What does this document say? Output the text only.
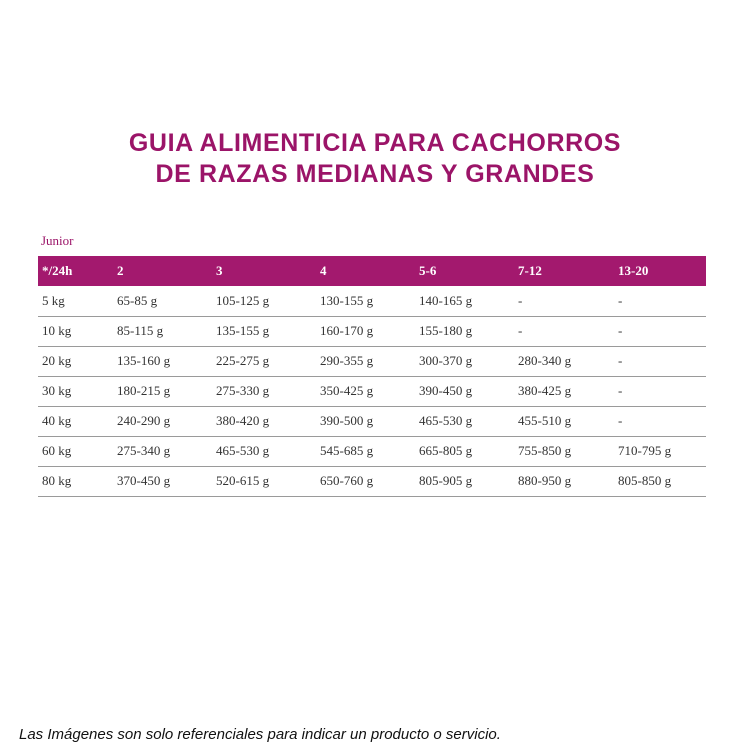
GUIA ALIMENTICIA PARA CACHORROS
DE RAZAS MEDIANAS Y GRANDES
Junior
*/24h	2	3	4	5-6	7-12	13-20
5 kg	65-85 g	105-125 g	130-155 g	140-165 g	-	-
10 kg	85-115 g	135-155 g	160-170 g	155-180 g	-	-
20 kg	135-160 g	225-275 g	290-355 g	300-370 g	280-340 g	-
30 kg	180-215 g	275-330 g	350-425 g	390-450 g	380-425 g	-
40 kg	240-290 g	380-420 g	390-500 g	465-530 g	455-510 g	-
60 kg	275-340 g	465-530 g	545-685 g	665-805 g	755-850 g	710-795 g
80 kg	370-450 g	520-615 g	650-760 g	805-905 g	880-950 g	805-850 g
Las Imágenes son solo referenciales para indicar un producto o servicio.
